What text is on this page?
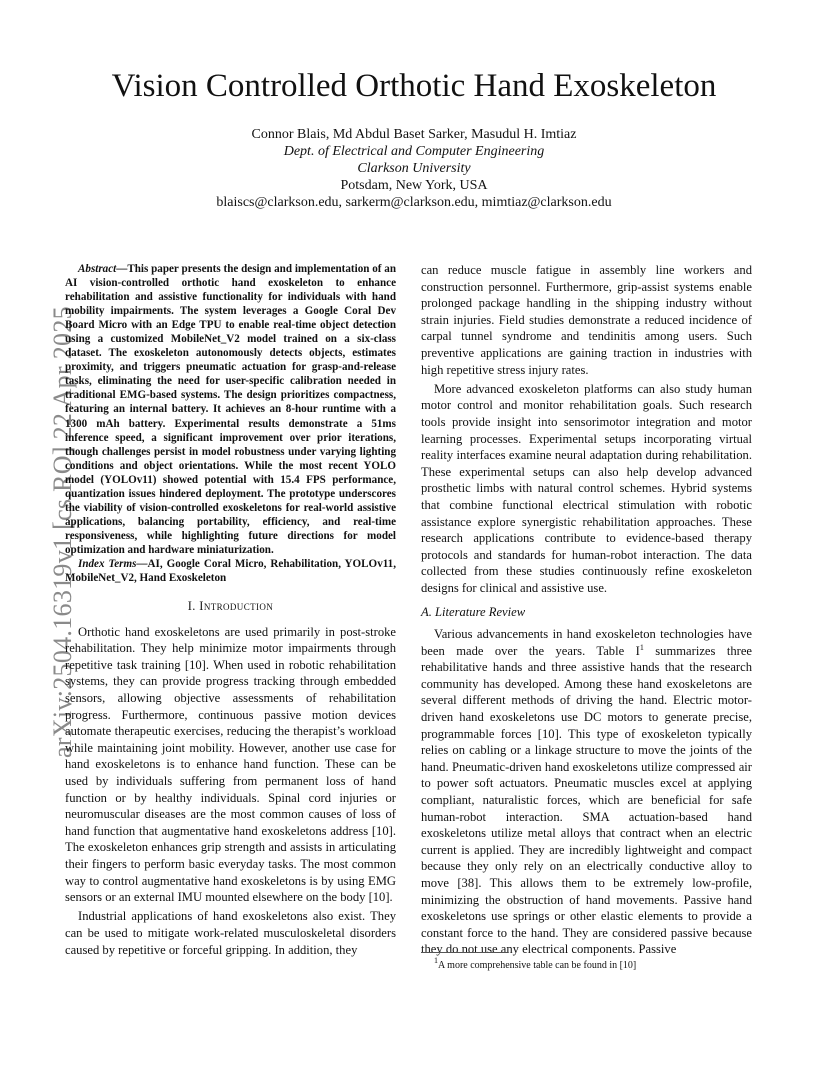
arXiv:2504.16319v1 [cs.RO] 22 Apr 2025
Vision Controlled Orthotic Hand Exoskeleton
Connor Blais, Md Abdul Baset Sarker, Masudul H. Imtiaz
Dept. of Electrical and Computer Engineering
Clarkson University
Potsdam, New York, USA
blaiscs@clarkson.edu, sarkerm@clarkson.edu, mimtiaz@clarkson.edu

Abstract—This paper presents the design and implementation of an AI vision-controlled orthotic hand exoskeleton to enhance rehabilitation and assistive functionality for individuals with hand mobility impairments. The system leverages a Google Coral Dev Board Micro with an Edge TPU to enable real-time object detection using a customized MobileNet_V2 model trained on a six-class dataset. The exoskeleton autonomously detects objects, estimates proximity, and triggers pneumatic actuation for grasp-and-release tasks, eliminating the need for user-specific calibration needed in traditional EMG-based systems. The design prioritizes compactness, featuring an internal battery. It achieves an 8-hour runtime with a 1300 mAh battery. Experimental results demonstrate a 51ms inference speed, a significant improvement over prior iterations, though challenges persist in model robustness under varying lighting conditions and object orientations. While the most recent YOLO model (YOLOv11) showed potential with 15.4 FPS performance, quantization issues hindered deployment. The prototype underscores the viability of vision-controlled exoskeletons for real-world assistive applications, balancing portability, efficiency, and real-time responsiveness, while highlighting future directions for model optimization and hardware miniaturization.

Index Terms—AI, Google Coral Micro, Rehabilitation, YOLOv11, MobileNet_V2, Hand Exoskeleton

I. Introduction

Orthotic hand exoskeletons are used primarily in post-stroke rehabilitation. They help minimize motor impairments through repetitive task training [10]. When used in robotic rehabilitation systems, they can provide progress tracking through embedded sensors, allowing objective assessments of rehabilitation progress. Furthermore, continuous passive motion devices automate therapeutic exercises, reducing the therapist’s workload while maintaining joint mobility. However, another use case for hand exoskeletons is to enhance hand function. These can be used by individuals suffering from permanent loss of hand function or by healthy individuals. Spinal cord injuries or neuromuscular diseases are the most common causes of loss of hand function that augmentative hand exoskeletons address [10]. The exoskeleton enhances grip strength and assists in articulating their fingers to perform basic everyday tasks. The most common way to control augmentative hand exoskeletons is by using EMG sensors or an external IMU mounted elsewhere on the body [10].

Industrial applications of hand exoskeletons also exist. They can be used to mitigate work-related musculoskeletal disorders caused by repetitive or forceful gripping. In addition, they

can reduce muscle fatigue in assembly line workers and construction personnel. Furthermore, grip-assist systems enable prolonged package handling in the shipping industry without strain injuries. Field studies demonstrate a reduced incidence of carpal tunnel syndrome and tendinitis among users. Such preventive applications are gaining traction in industries with high repetitive stress injury rates.

More advanced exoskeleton platforms can also study human motor control and monitor rehabilitation goals. Such research tools provide insight into sensorimotor integration and motor learning processes. Experimental setups incorporating virtual reality interfaces examine neural adaptation during rehabilitation. These experimental setups can also help develop advanced prosthetic limbs with natural control schemes. Hybrid systems that combine functional electrical stimulation with robotic assistance explore synergistic rehabilitation approaches. These research applications contribute to evidence-based therapy protocols and standards for human-robot interaction. The data collected from these studies continuously refine exoskeleton designs for clinical and assistive use.

A. Literature Review

Various advancements in hand exoskeleton technologies have been made over the years. Table $I^1$ summarizes three rehabilitative hands and three assistive hands that the research community has developed. Among these hand exoskeletons are several different methods of driving the hand. Electric motor-driven hand exoskeletons use DC motors to generate precise, programmable forces [10]. This type of exoskeleton typically relies on cabling or a linkage structure to move the joints of the hand. Pneumatic-driven hand exoskeletons utilize compressed air to power soft actuators. Pneumatic muscles excel at applying compliant, naturalistic forces, which are beneficial for safe human-robot interaction. SMA actuation-based hand exoskeletons utilize metal alloys that contract when an electric current is applied. They are incredibly lightweight and compact because they only rely on an electrically conductive alloy to move [38]. This allows them to be extremely low-profile, minimizing the obstruction of hand movements. Passive hand exoskeletons use springs or other elastic elements to provide a constant force to the hand. They are considered passive because they do not use any electrical components. Passive

$^1$A more comprehensive table can be found in [10]
